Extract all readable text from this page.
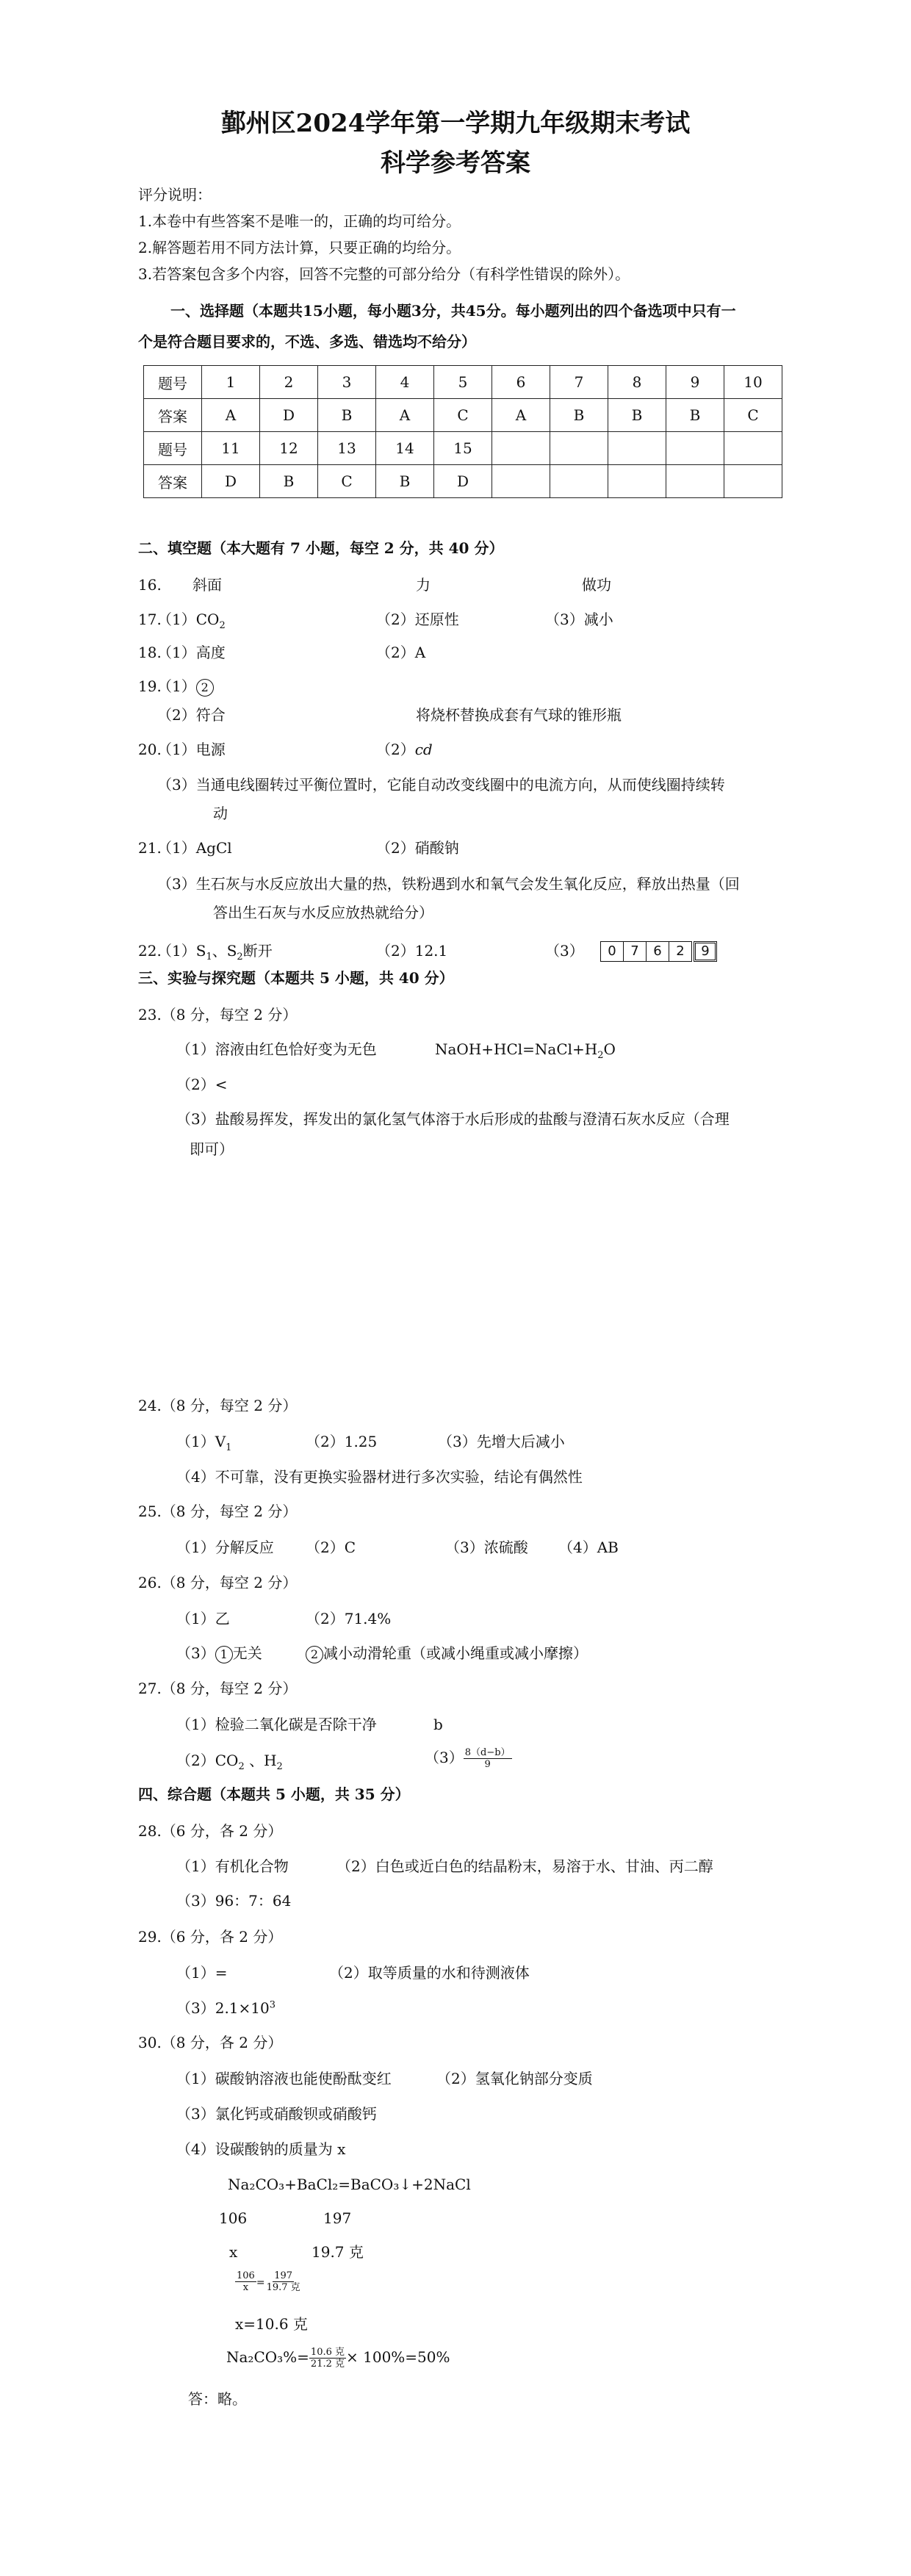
鄞州区2024学年第一学期九年级期末考试
科学参考答案
评分说明：
1.本卷中有些答案不是唯一的，正确的均可给分。
2.解答题若用不同方法计算，只要正确的均给分。
3.若答案包含多个内容，回答不完整的可部分给分（有科学性错误的除外）。
一、选择题（本题共15小题，每小题3分，共45分。每小题列出的四个备选项中只有一
个是符合题目要求的，不选、多选、错选均不给分）
题号	1	2	3	4	5	6	7	8	9	10
答案	A	D	B	A	C	A	B	B	B	C
题号	11	12	13	14	15					
答案	D	B	C	B	D					
二、填空题（本大题有 7 小题，每空 2 分，共 40 分）
16. 斜面	力	做功
17.
$(1)CO_2$	（2）还原性	（3）减小
18.
（1）高度	（2）A
19.
（1） 2
（2）符合	将烧杯替换成套有气球的锥形瓶
20.
（1）电源	（2）cd
（3）当通电线圈转过平衡位置时，它能自动改变线圈中的电流方向，从而使线圈持续转
动
21.
（1）AgCl	（2）硝酸钠
（3）生石灰与水反应放出大量的热，铁粉遇到水和氧气会发生氧化反应，释放出热量（回
答出生石灰与水反应放热就给分）
22.
$(1)S_1$、$S_2$断开	（2）12.1	（3）	0	7	6	2	9
三、实验与探究题（本题共 5 小题，共 40 分）
23.（8 分，每空 2 分）
（1）溶液由红色恰好变为无色	$NaOH+HCl=NaCl+H_2O$
（2）<
（3）盐酸易挥发，挥发出的氯化氢气体溶于水后形成的盐酸与澄清石灰水反应（合理
即可）
24.（8 分，每空 2 分）
$(1)V_1$	（2）1.25	（3）先增大后减小
（4）不可靠，没有更换实验器材进行多次实验，结论有偶然性
25.（8 分，每空 2 分）
（1）分解反应 （2）C	（3）浓硫酸 （4）AB
26.（8 分，每空 2 分）
（1）乙	（2）71.4%
（3） 1 无关	2 减小动滑轮重（或减小绳重或减小摩擦）
27.（8 分，每空 2 分）
（1）检验二氧化碳是否除干净	b
$(2)CO_2$ 、$H_2$
$(3) \frac{8(d-b)}{9}$
四、综合题（本题共 5 小题，共 35 分）
28.（6 分，各 2 分）
（1）有机化合物	（2）白色或近白色的结晶粉末，易溶于水、甘油、丙二醇
（3）96：7：64
29.（6 分，各 2 分）
（1）=	（2）取等质量的水和待测液体
$(3)2.1\times 10^3$
30.（8 分，各 2 分）
（1）碳酸钠溶液也能使酚酞变红	（2）氢氧化钠部分变质
（3）氯化钙或硝酸钡或硝酸钙
（4）设碳酸钠的质量为 x
Na₂CO₃+BaCl₂=BaCO₃↓+2NaCl
106	197
x	19.7 克
$\frac{106}{x} = \frac{197}{\text{19.7 克}}$
x=10.6 克
$Na_2CO_3\%= \frac{\text{10.6 克}}{\text{21.2 克}} \times 100\%=50\%$
答：略。
